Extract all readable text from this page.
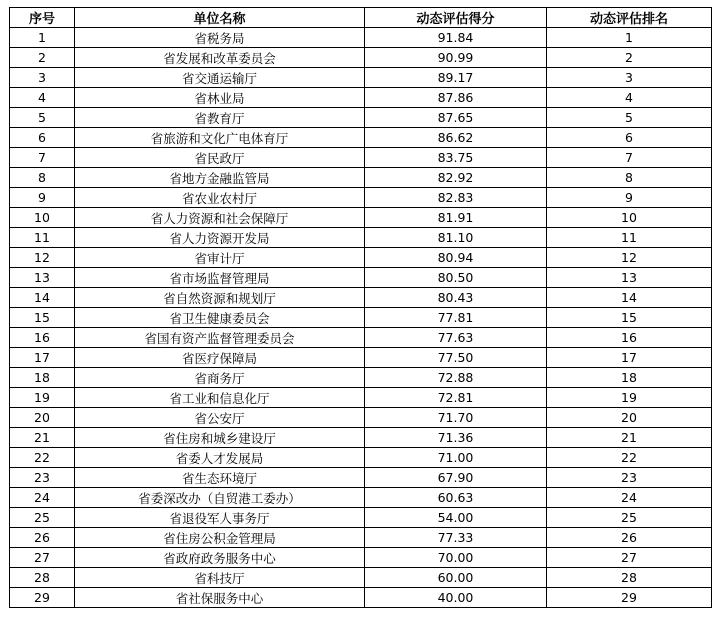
序号	单位名称	动态评估得分	动态评估排名
1	省税务局	91.84	1
2	省发展和改革委员会	90.99	2
3	省交通运输厅	89.17	3
4	省林业局	87.86	4
5	省教育厅	87.65	5
6	省旅游和文化广电体育厅	86.62	6
7	省民政厅	83.75	7
8	省地方金融监管局	82.92	8
9	省农业农村厅	82.83	9
10	省人力资源和社会保障厅	81.91	10
11	省人力资源开发局	81.10	11
12	省审计厅	80.94	12
13	省市场监督管理局	80.50	13
14	省自然资源和规划厅	80.43	14
15	省卫生健康委员会	77.81	15
16	省国有资产监督管理委员会	77.63	16
17	省医疗保障局	77.50	17
18	省商务厅	72.88	18
19	省工业和信息化厅	72.81	19
20	省公安厅	71.70	20
21	省住房和城乡建设厅	71.36	21
22	省委人才发展局	71.00	22
23	省生态环境厅	67.90	23
24	省委深改办（自贸港工委办）	60.63	24
25	省退役军人事务厅	54.00	25
26	省住房公积金管理局	77.33	26
27	省政府政务服务中心	70.00	27
28	省科技厅	60.00	28
29	省社保服务中心	40.00	29
